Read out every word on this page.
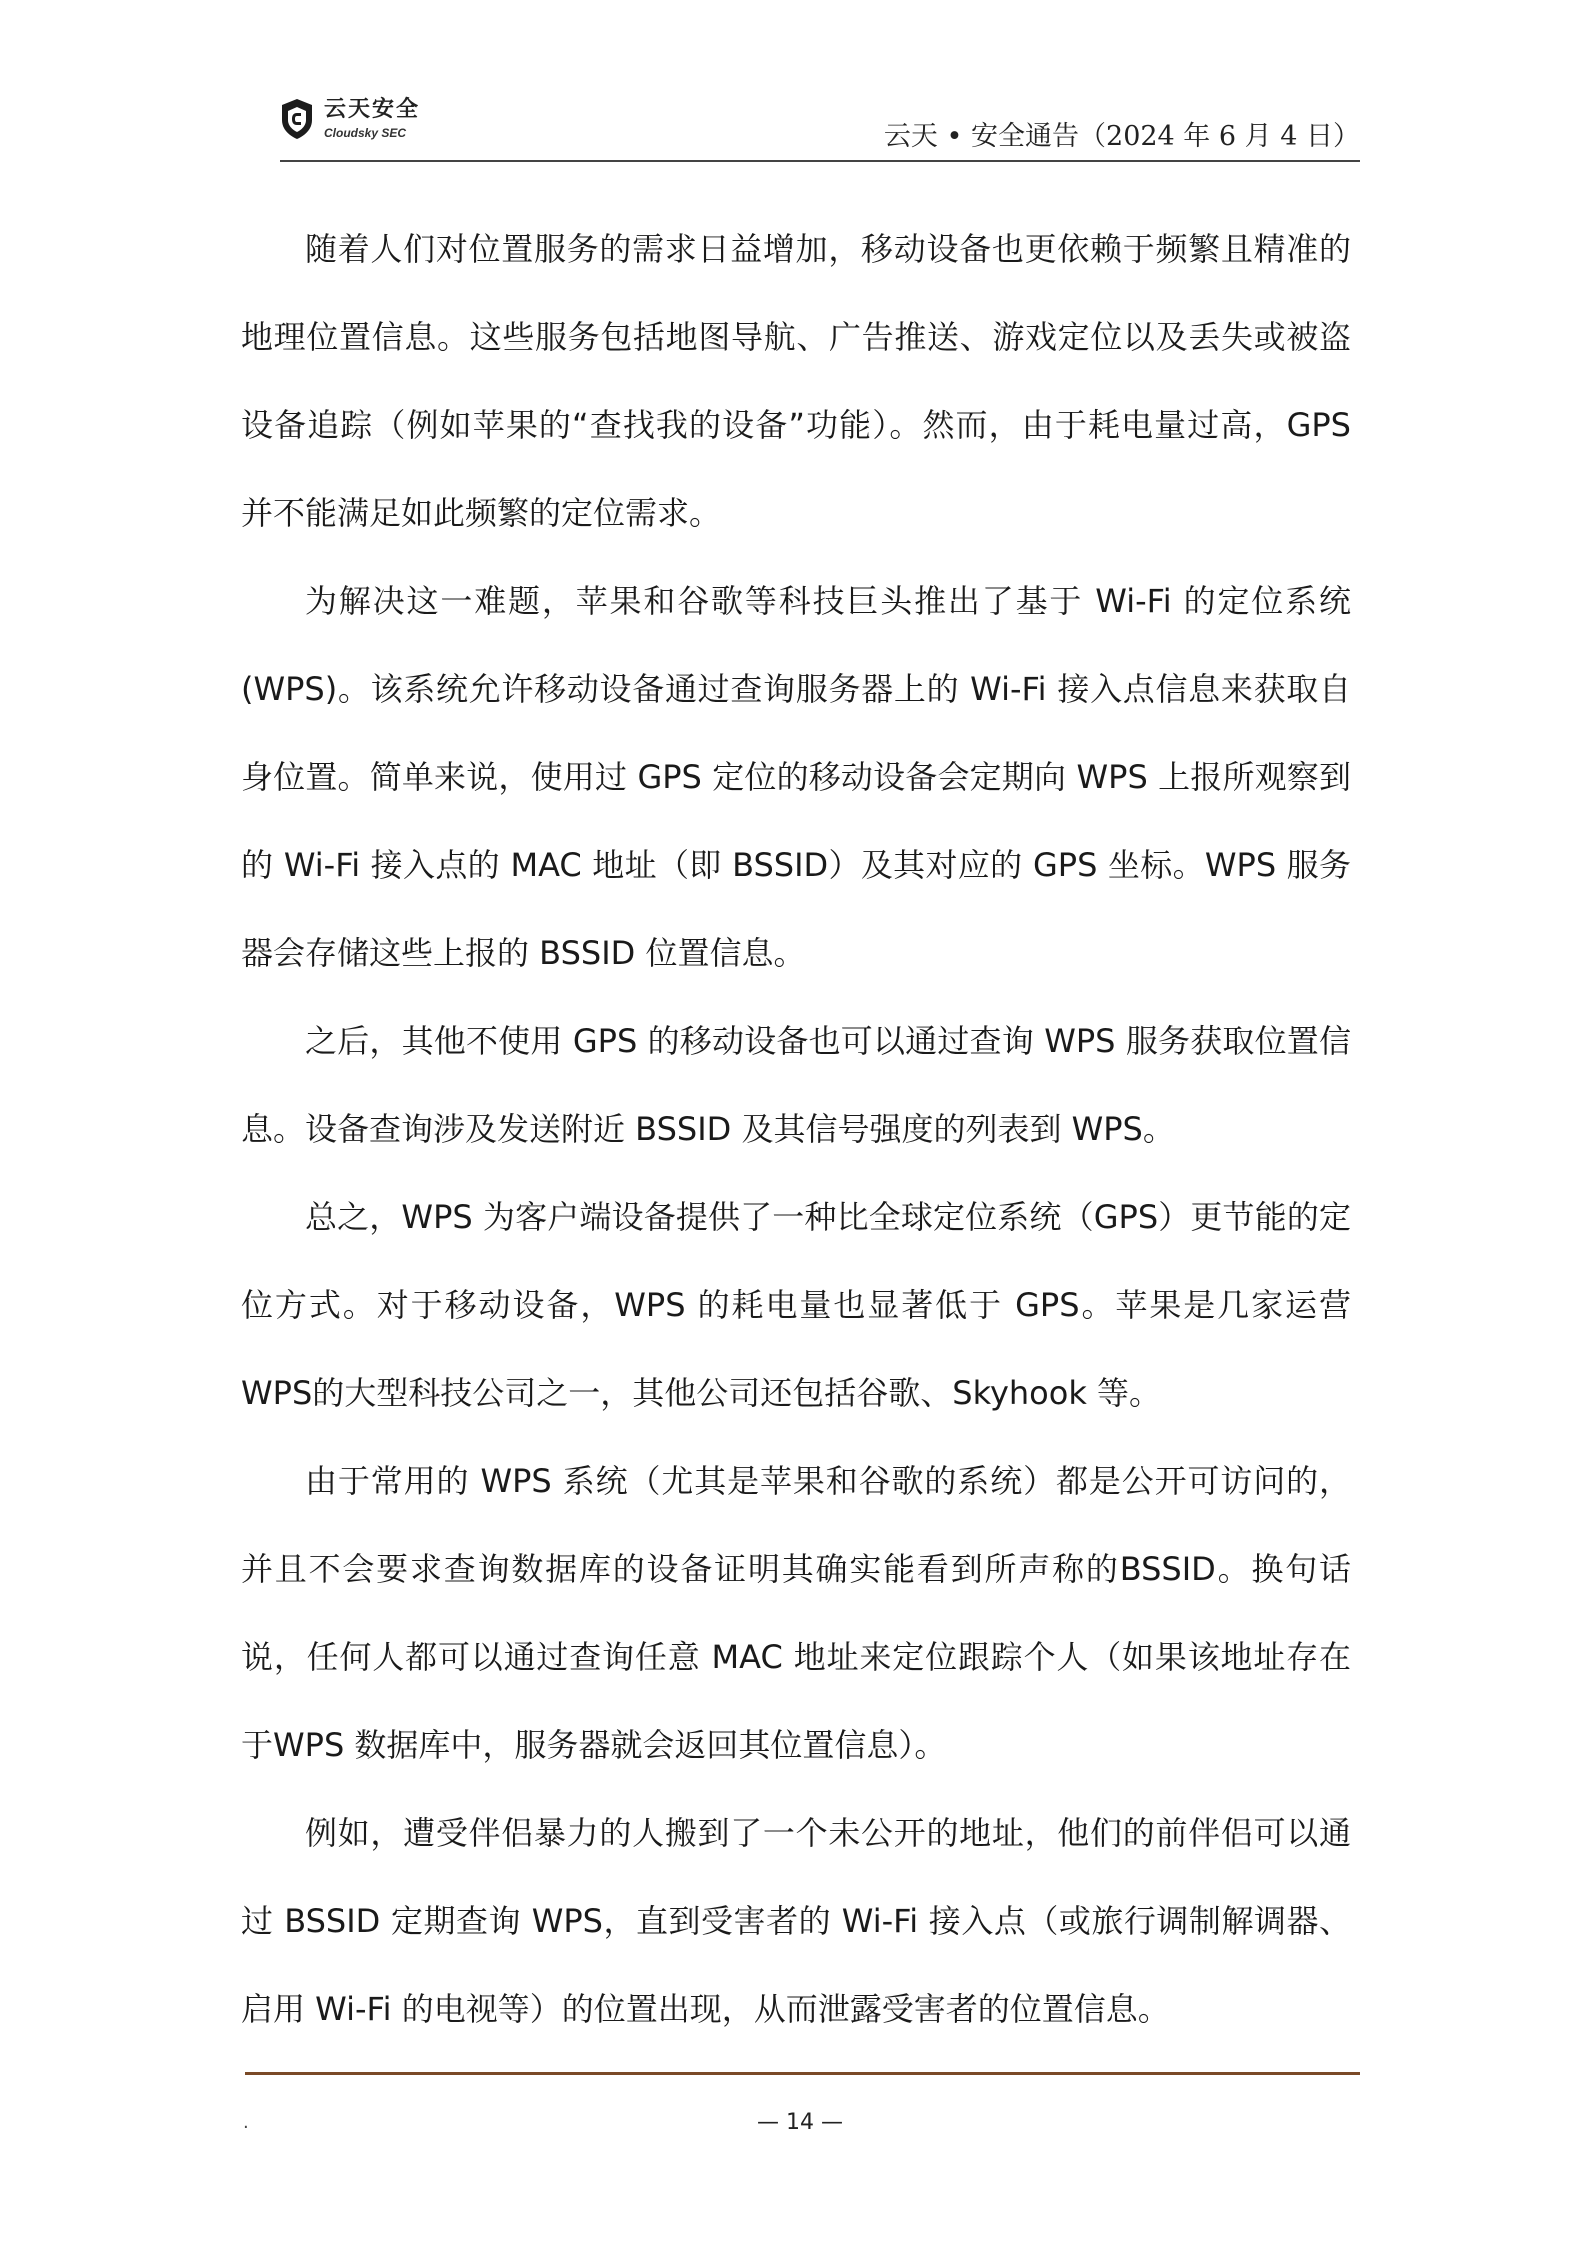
云天安全
Cloudsky SEC	云天 • 安全通告（2024 年 6 月 4 日）

随着人们对位置服务的需求日益增加，移动设备也更依赖于频繁且精准的地理位置信息。这些服务包括地图导航、广告推送、游戏定位以及丢失或被盗设备追踪（例如苹果的“查找我的设备”功能）。然而，由于耗电量过高，GPS 并不能满足如此频繁的定位需求。

为解决这一难题，苹果和谷歌等科技巨头推出了基于 Wi-Fi 的定位系统(WPS)。该系统允许移动设备通过查询服务器上的 Wi-Fi 接入点信息来获取自身位置。简单来说，使用过 GPS 定位的移动设备会定期向 WPS 上报所观察到的 Wi-Fi 接入点的 MAC 地址（即 BSSID）及其对应的 GPS 坐标。WPS 服务器会存储这些上报的 BSSID 位置信息。

之后，其他不使用 GPS 的移动设备也可以通过查询 WPS 服务获取位置信息。设备查询涉及发送附近 BSSID 及其信号强度的列表到 WPS。

总之，WPS 为客户端设备提供了一种比全球定位系统（GPS）更节能的定位方式。对于移动设备，WPS 的耗电量也显著低于 GPS。苹果是几家运营 WPS的大型科技公司之一，其他公司还包括谷歌、Skyhook 等。

由于常用的 WPS 系统（尤其是苹果和谷歌的系统）都是公开可访问的，并且不会要求查询数据库的设备证明其确实能看到所声称的BSSID。换句话说，任何人都可以通过查询任意 MAC 地址来定位跟踪个人（如果该地址存在于WPS 数据库中，服务器就会返回其位置信息）。

例如，遭受伴侣暴力的人搬到了一个未公开的地址，他们的前伴侣可以通过 BSSID 定期查询 WPS，直到受害者的 Wi-Fi 接入点（或旅行调制解调器、启用 Wi-Fi 的电视等）的位置出现，从而泄露受害者的位置信息。

.	— 14 —
